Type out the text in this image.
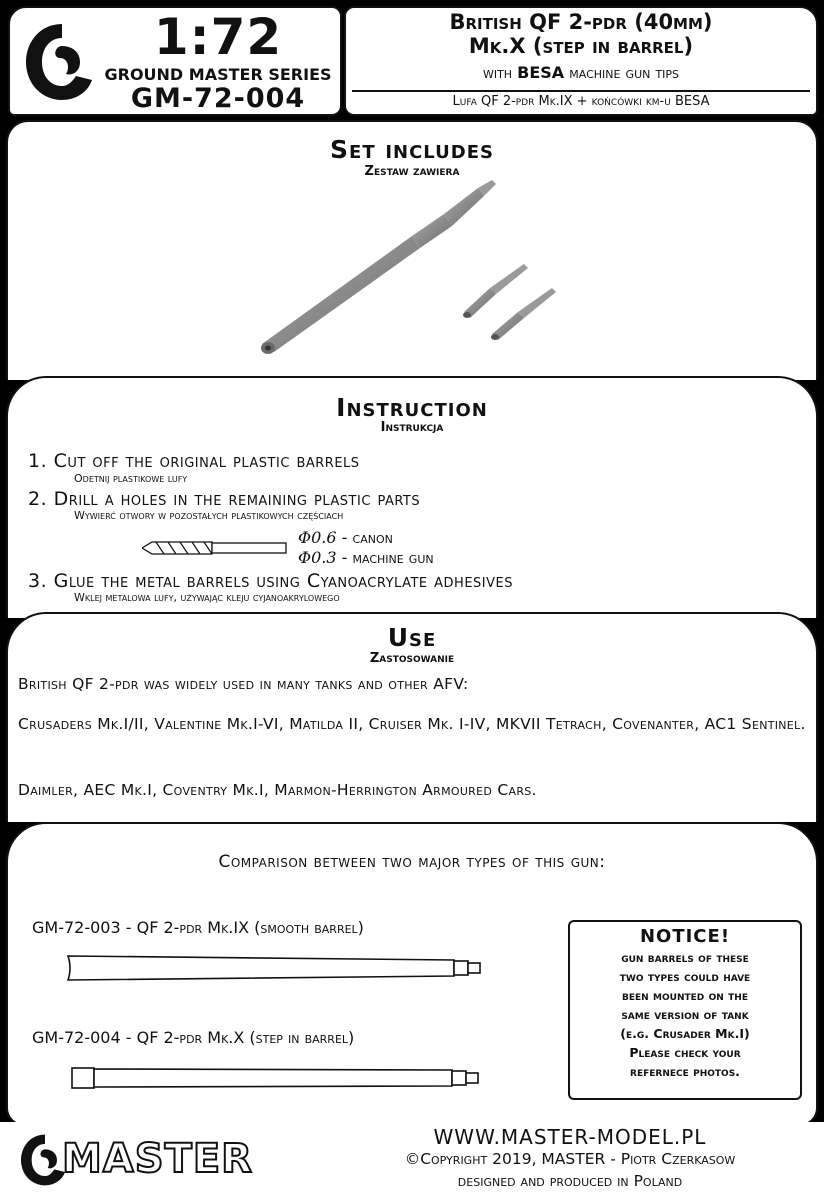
1:72
GROUND MASTER SERIES
GM-72-004
British QF 2-pdr (40mm)
Mk.X (step in barrel)
with BESA machine gun tips
Lufa QF 2-pdr Mk.IX + końcówki km-u BESA
Set includes
Zestaw zawiera
Instruction
Instrukcja
1. Cut off the original plastic barrels
Odetnij plastikowe lufy
2. Drill a holes in the remaining plastic parts
Wywierć otwory w pozostałych plastikowych częściach
Φ0.6 - canon
Φ0.3 - machine gun
3. Glue the metal barrels using Cyanoacrylate adhesives
Wklej metalowa lufy, używając kleju cyjanoakrylowego
Use
Zastosowanie
British QF 2-pdr was widely used in many tanks and other AFV:
Crusaders Mk.I/II, Valentine Mk.I-VI, Matilda II, Cruiser Mk. I-IV, MKVII Tetrach, Covenanter, AC1 Sentinel.
Daimler, AEC Mk.I, Coventry Mk.I, Marmon-Herrington Armoured Cars.
Comparison between two major types of this gun:
GM-72-003 - QF 2-pdr Mk.IX (smooth barrel)
GM-72-004 - QF 2-pdr Mk.X (step in barrel)
NOTICE!
gun barrels of these
two types could have
been mounted on the
same version of tank
(e.g. Crusader Mk.I)
Please check your
refernece photos.
MASTER	WWW.MASTER-MODEL.PL
©Copyright 2019, MASTER - Piotr Czerkasow
designed and produced in Poland
